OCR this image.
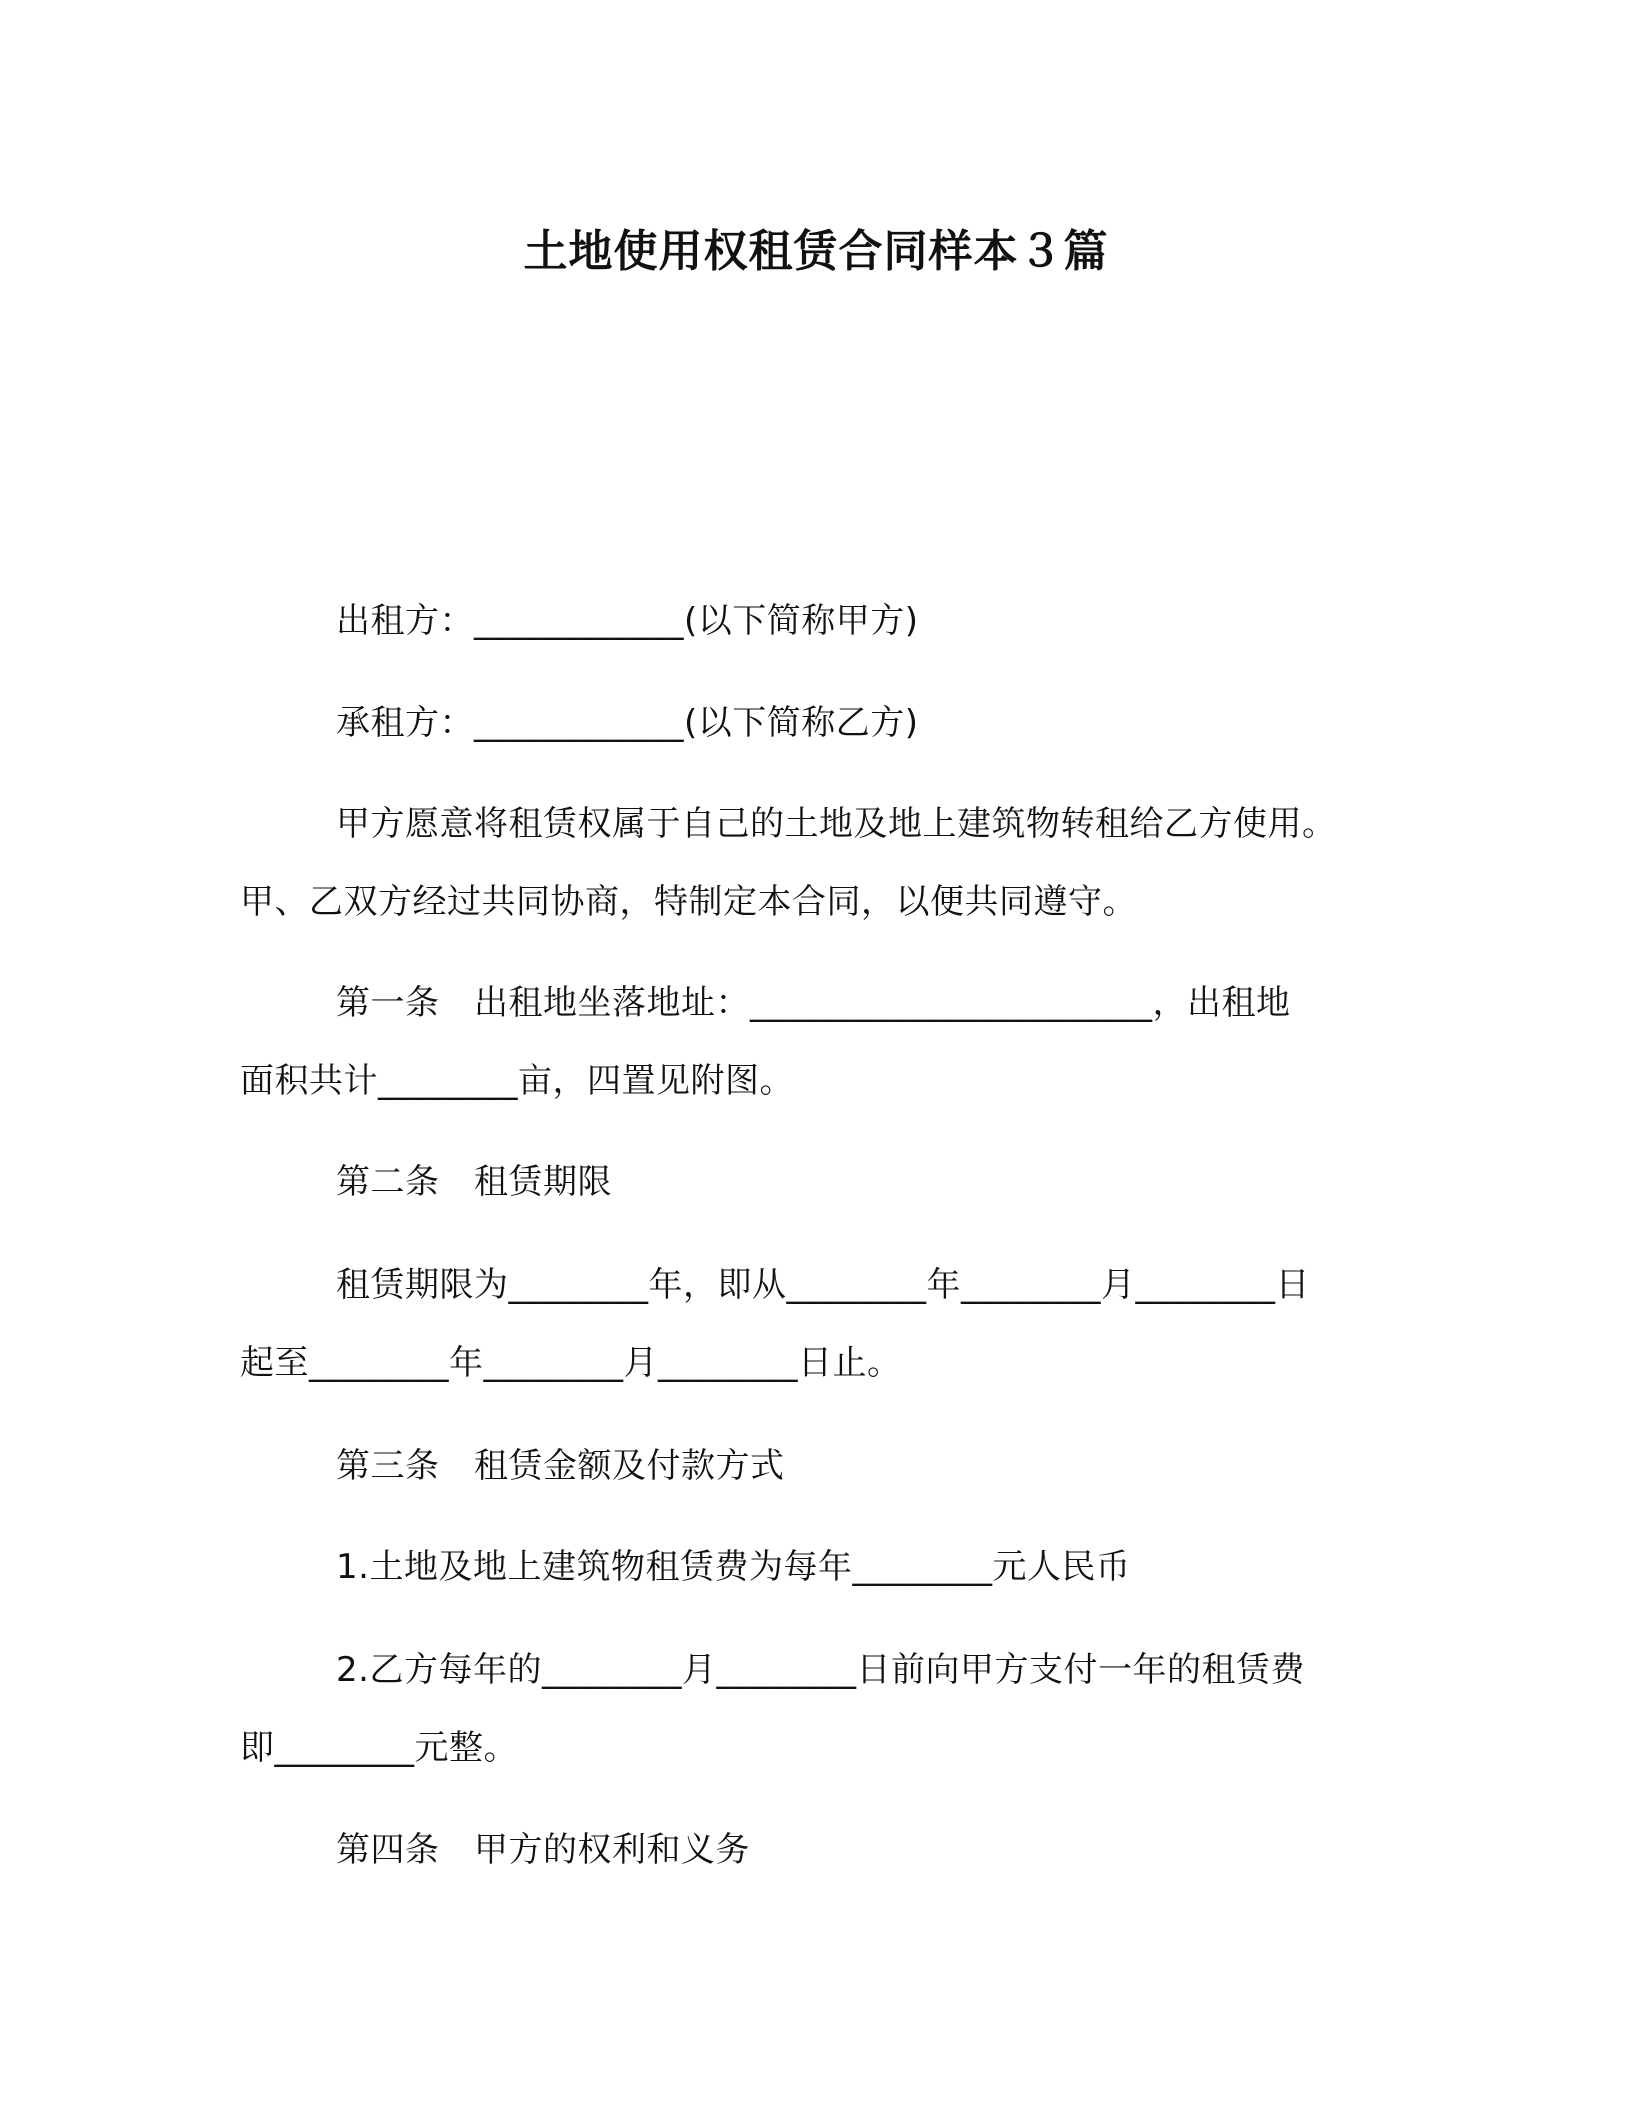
土地使用权租赁合同样本３篇
出租方：____________(以下简称甲方)
承租方：____________(以下简称乙方)
甲方愿意将租赁权属于自己的土地及地上建筑物转租给乙方使用。
甲、乙双方经过共同协商，特制定本合同，以便共同遵守。
第一条　出租地坐落地址：_______________________，出租地
面积共计________亩，四置见附图。
第二条　租赁期限
租赁期限为________年，即从________年________月________日
起至________年________月________日止。
第三条　租赁金额及付款方式
1.土地及地上建筑物租赁费为每年________元人民币
2.乙方每年的________月________日前向甲方支付一年的租赁费
即________元整。
第四条　甲方的权利和义务
